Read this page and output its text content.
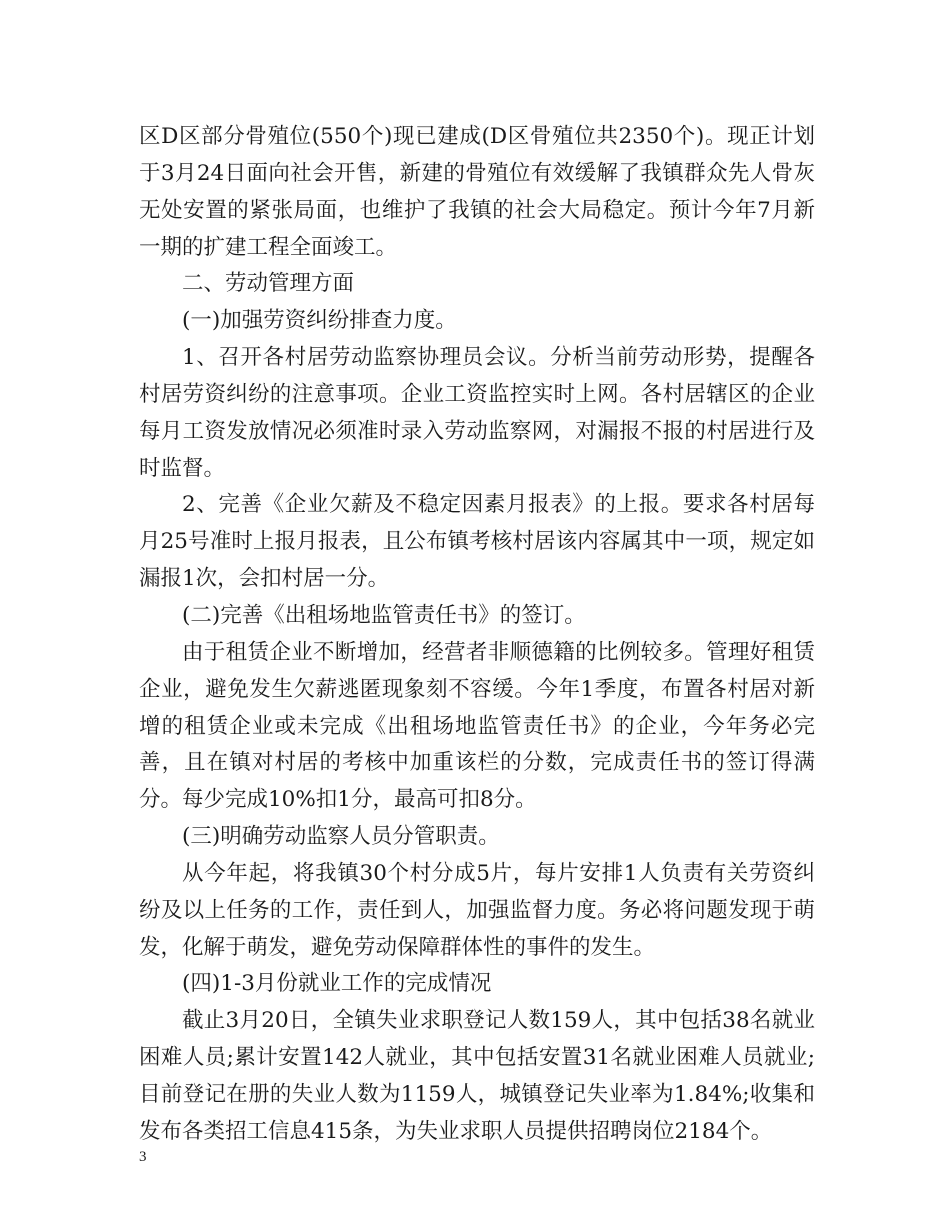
区D区部分骨殖位(550个)现已建成(D区骨殖位共2350个)。现正计划于3月24日面向社会开售，新建的骨殖位有效缓解了我镇群众先人骨灰无处安置的紧张局面，也维护了我镇的社会大局稳定。预计今年7月新一期的扩建工程全面竣工。

二、劳动管理方面

(一)加强劳资纠纷排查力度。

1、召开各村居劳动监察协理员会议。分析当前劳动形势，提醒各村居劳资纠纷的注意事项。企业工资监控实时上网。各村居辖区的企业每月工资发放情况必须准时录入劳动监察网，对漏报不报的村居进行及时监督。

2、完善《企业欠薪及不稳定因素月报表》的上报。要求各村居每月25号准时上报月报表，且公布镇考核村居该内容属其中一项，规定如漏报1次，会扣村居一分。

(二)完善《出租场地监管责任书》的签订。

由于租赁企业不断增加，经营者非顺德籍的比例较多。管理好租赁企业，避免发生欠薪逃匿现象刻不容缓。今年1季度，布置各村居对新增的租赁企业或未完成《出租场地监管责任书》的企业，今年务必完善，且在镇对村居的考核中加重该栏的分数，完成责任书的签订得满分。每少完成10%扣1分，最高可扣8分。

(三)明确劳动监察人员分管职责。

从今年起，将我镇30个村分成5片，每片安排1人负责有关劳资纠纷及以上任务的工作，责任到人，加强监督力度。务必将问题发现于萌发，化解于萌发，避免劳动保障群体性的事件的发生。

(四)1-3月份就业工作的完成情况

截止3月20日，全镇失业求职登记人数159人，其中包括38名就业困难人员;累计安置142人就业，其中包括安置31名就业困难人员就业;目前登记在册的失业人数为1159人，城镇登记失业率为1.84%;收集和发布各类招工信息415条，为失业求职人员提供招聘岗位2184个。

3
